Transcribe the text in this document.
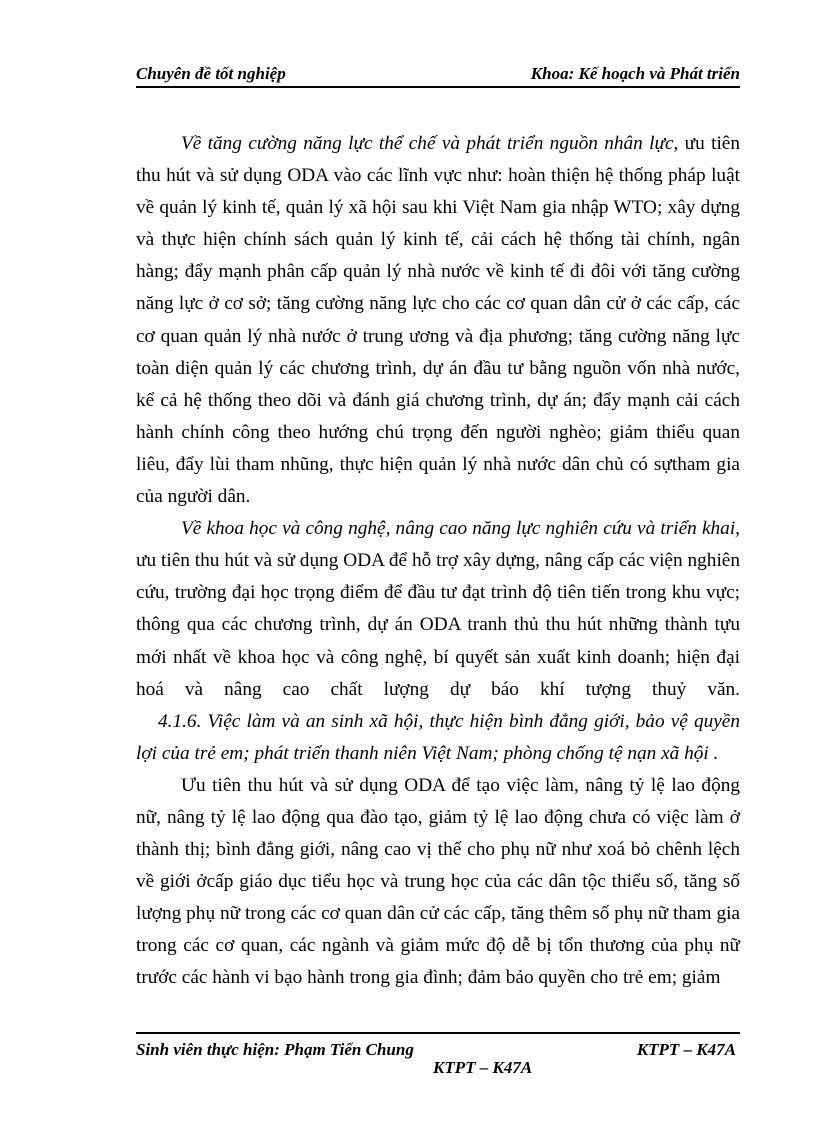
Chuyên đề tốt nghiệp	Khoa: Kế hoạch và Phát triển

Về tăng cường năng lực thể chế và phát triển nguồn nhân lực, ưu tiên thu hút và sử dụng ODA vào các lĩnh vực như: hoàn thiện hệ thống pháp luật về quản lý kinh tế, quản lý xã hội sau khi Việt Nam gia nhập WTO; xây dựng và thực hiện chính sách quản lý kinh tế, cải cách hệ thống tài chính, ngân hàng; đẩy mạnh phân cấp quản lý nhà nước về kinh tế đi đôi với tăng cường năng lực ở cơ sở; tăng cường năng lực cho các cơ quan dân cử ở các cấp, các cơ quan quản lý nhà nước ở trung ương và địa phương; tăng cường năng lực toàn diện quản lý các chương trình, dự án đầu tư bằng nguồn vốn nhà nước, kể cả hệ thống theo dõi và đánh giá chương trình, dự án; đẩy mạnh cải cách hành chính công theo hướng chú trọng đến người nghèo; giảm thiểu quan liêu, đẩy lùi tham nhũng, thực hiện quản lý nhà nước dân chủ có sựtham gia của người dân.

Về khoa học và công nghệ, nâng cao năng lực nghiên cứu và triển khai, ưu tiên thu hút và sử dụng ODA để hỗ trợ xây dựng, nâng cấp các viện nghiên cứu, trường đại học trọng điểm để đầu tư đạt trình độ tiên tiến trong khu vực; thông qua các chương trình, dự án ODA tranh thủ thu hút những thành tựu mới nhất về khoa học và công nghệ, bí quyết sản xuất kinh doanh; hiện đại hoá và nâng cao chất lượng dự báo khí tượng thuỷ văn.

4.1.6. Việc làm và an sinh xã hội, thực hiện bình đẳng giới, bảo vệ quyền lợi của trẻ em; phát triển thanh niên Việt Nam; phòng chống tệ nạn xã hội .

Ưu tiên thu hút và sử dụng ODA để tạo việc làm, nâng tỷ lệ lao động nữ, nâng tỷ lệ lao động qua đào tạo, giảm tỷ lệ lao động chưa có việc làm ở thành thị; bình đẳng giới, nâng cao vị thế cho phụ nữ như xoá bỏ chênh lệch về giới ởcấp giáo dục tiểu học và trung học của các dân tộc thiểu số, tăng số lượng phụ nữ trong các cơ quan dân cử các cấp, tăng thêm số phụ nữ tham gia trong các cơ quan, các ngành và giảm mức độ dễ bị tổn thương của phụ nữ trước các hành vi bạo hành trong gia đình; đảm bảo quyền cho trẻ em; giảm

Sinh viên thực hiện: Phạm Tiến Chung	KTPT – K47A
KTPT – K47A
